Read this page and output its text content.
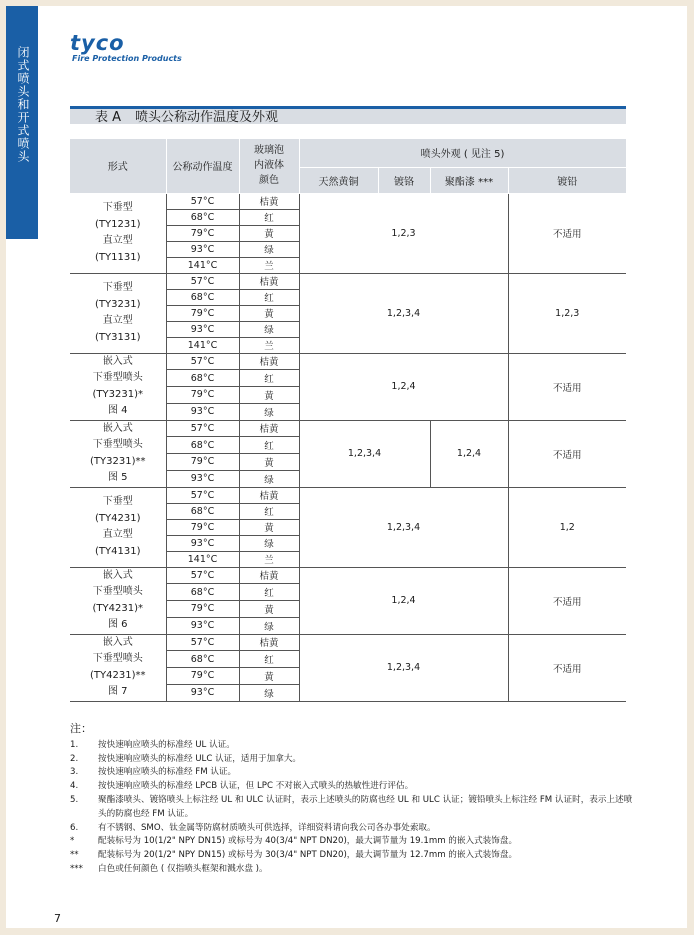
闭式喷头和开式喷头
tyco
Fire Protection Products
表 A 喷头公称动作温度及外观
形式	公称动作温度	玻璃泡
内液体
颜色	喷头外观 ( 见注 5)			
			天然黄铜	镀铬	聚酯漆 ***	镀铅

下垂型
(TY1231)
直立型
(TY1131)	57°C	桔黄	1,2,3			不适用
	68°C	红				
	79°C	黄				
	93°C	绿				
	141°C	兰				

下垂型
(TY3231)
直立型
(TY3131)	57°C	桔黄	1,2,3,4			1,2,3
	68°C	红				
	79°C	黄				
	93°C	绿				
	141°C	兰				

嵌入式
下垂型喷头
(TY3231)*
图 4	57°C	桔黄	1,2,4			不适用
	68°C	红				
	79°C	黄				
	93°C	绿				

嵌入式
下垂型喷头
(TY3231)**
图 5	57°C	桔黄	1,2,3,4		1,2,4	不适用
	68°C	红				
	79°C	黄				
	93°C	绿				

下垂型
(TY4231)
直立型
(TY4131)	57°C	桔黄	1,2,3,4			1,2
	68°C	红				
	79°C	黄				
	93°C	绿				
	141°C	兰				

嵌入式
下垂型喷头
(TY4231)*
图 6	57°C	桔黄	1,2,4			不适用
	68°C	红				
	79°C	黄				
	93°C	绿				

嵌入式
下垂型喷头
(TY4231)**
图 7	57°C	桔黄	1,2,3,4			不适用
	68°C	红				
	79°C	黄				
	93°C	绿				
注：
1.	按快速响应喷头的标准经 UL 认证。
2.	按快速响应喷头的标准经 ULC 认证，适用于加拿大。
3.	按快速响应喷头的标准经 FM 认证。
4.	按快速响应喷头的标准经 LPCB 认证，但 LPC 不对嵌入式喷头的热敏性进行评估。
5.	聚酯漆喷头、镀铬喷头上标注经 UL 和 ULC 认证时，表示上述喷头的防腐也经 UL 和 ULC 认证；镀铅喷头上标注经 FM 认证时，表示上述喷头的防腐也经 FM 认证。
6.	有不锈钢、SMO、钛金属等防腐材质喷头可供选择，详细资料请向我公司各办事处索取。
*	配装标号为 10(1/2" NPY DN15) 或标号为 40(3/4" NPT DN20)，最大调节量为 19.1mm 的嵌入式装饰盘。
**	配装标号为 20(1/2" NPY DN15) 或标号为 30(3/4" NPT DN20)，最大调节量为 12.7mm 的嵌入式装饰盘。
***	白色或任何颜色 ( 仅指喷头框架和溅水盘 )。
7
